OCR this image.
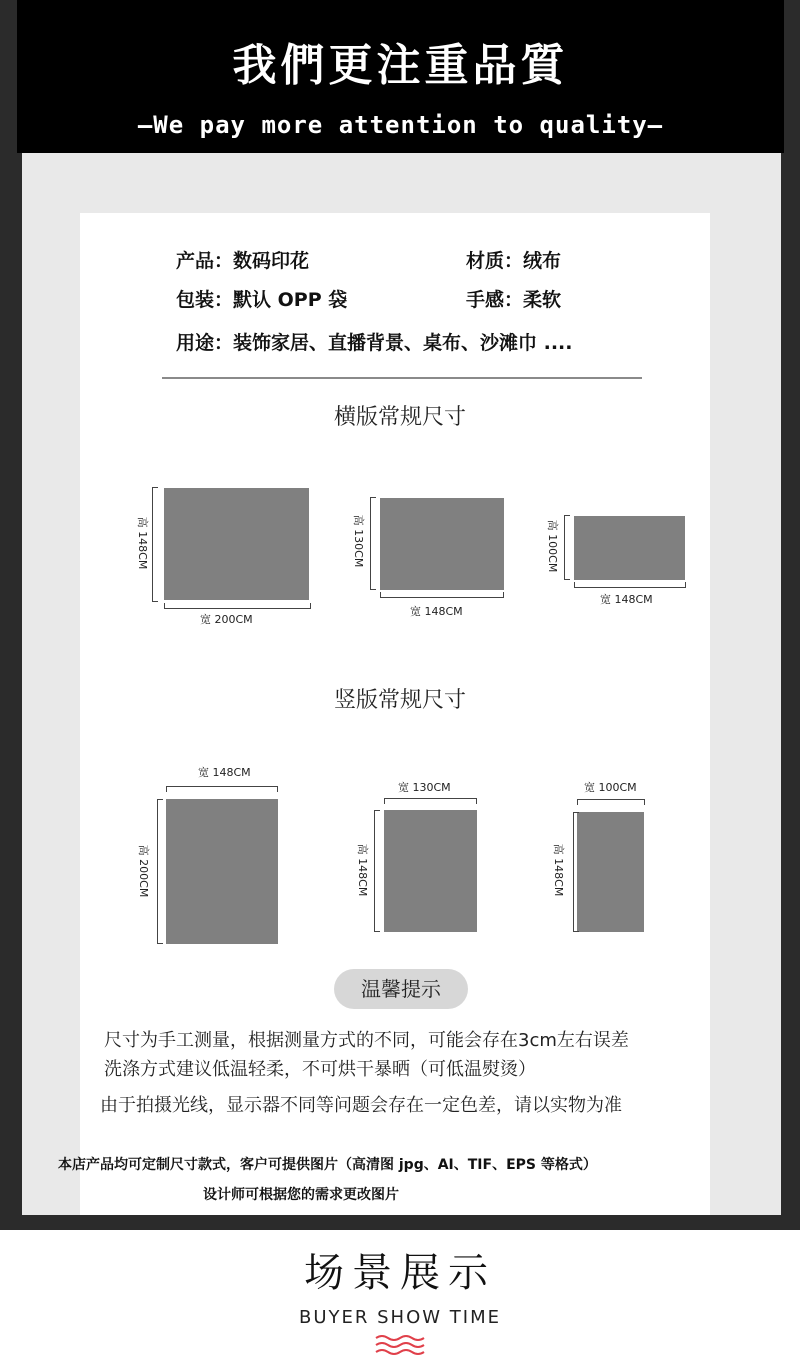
我們更注重品質
—We pay more attention to quality—
产品：数码印花	材质：绒布
包装：默认 OPP 袋	手感：柔软
用途：装饰家居、直播背景、桌布、沙滩巾 ....
横版常规尺寸
高 148CM
宽 200CM
高 130CM
宽 148CM
高 100CM
宽 148CM
竖版常规尺寸
宽 148CM
高 200CM
宽 130CM
高 148CM
宽 100CM
高 148CM
温馨提示
尺寸为手工测量，根据测量方式的不同，可能会存在3cm左右误差
洗涤方式建议低温轻柔，不可烘干暴晒（可低温熨烫）
由于拍摄光线，显示器不同等问题会存在一定色差，请以实物为准
本店产品均可定制尺寸款式，客户可提供图片（高清图 jpg、AI、TIF、EPS 等格式）
设计师可根据您的需求更改图片
场景展示
BUYER SHOW TIME
